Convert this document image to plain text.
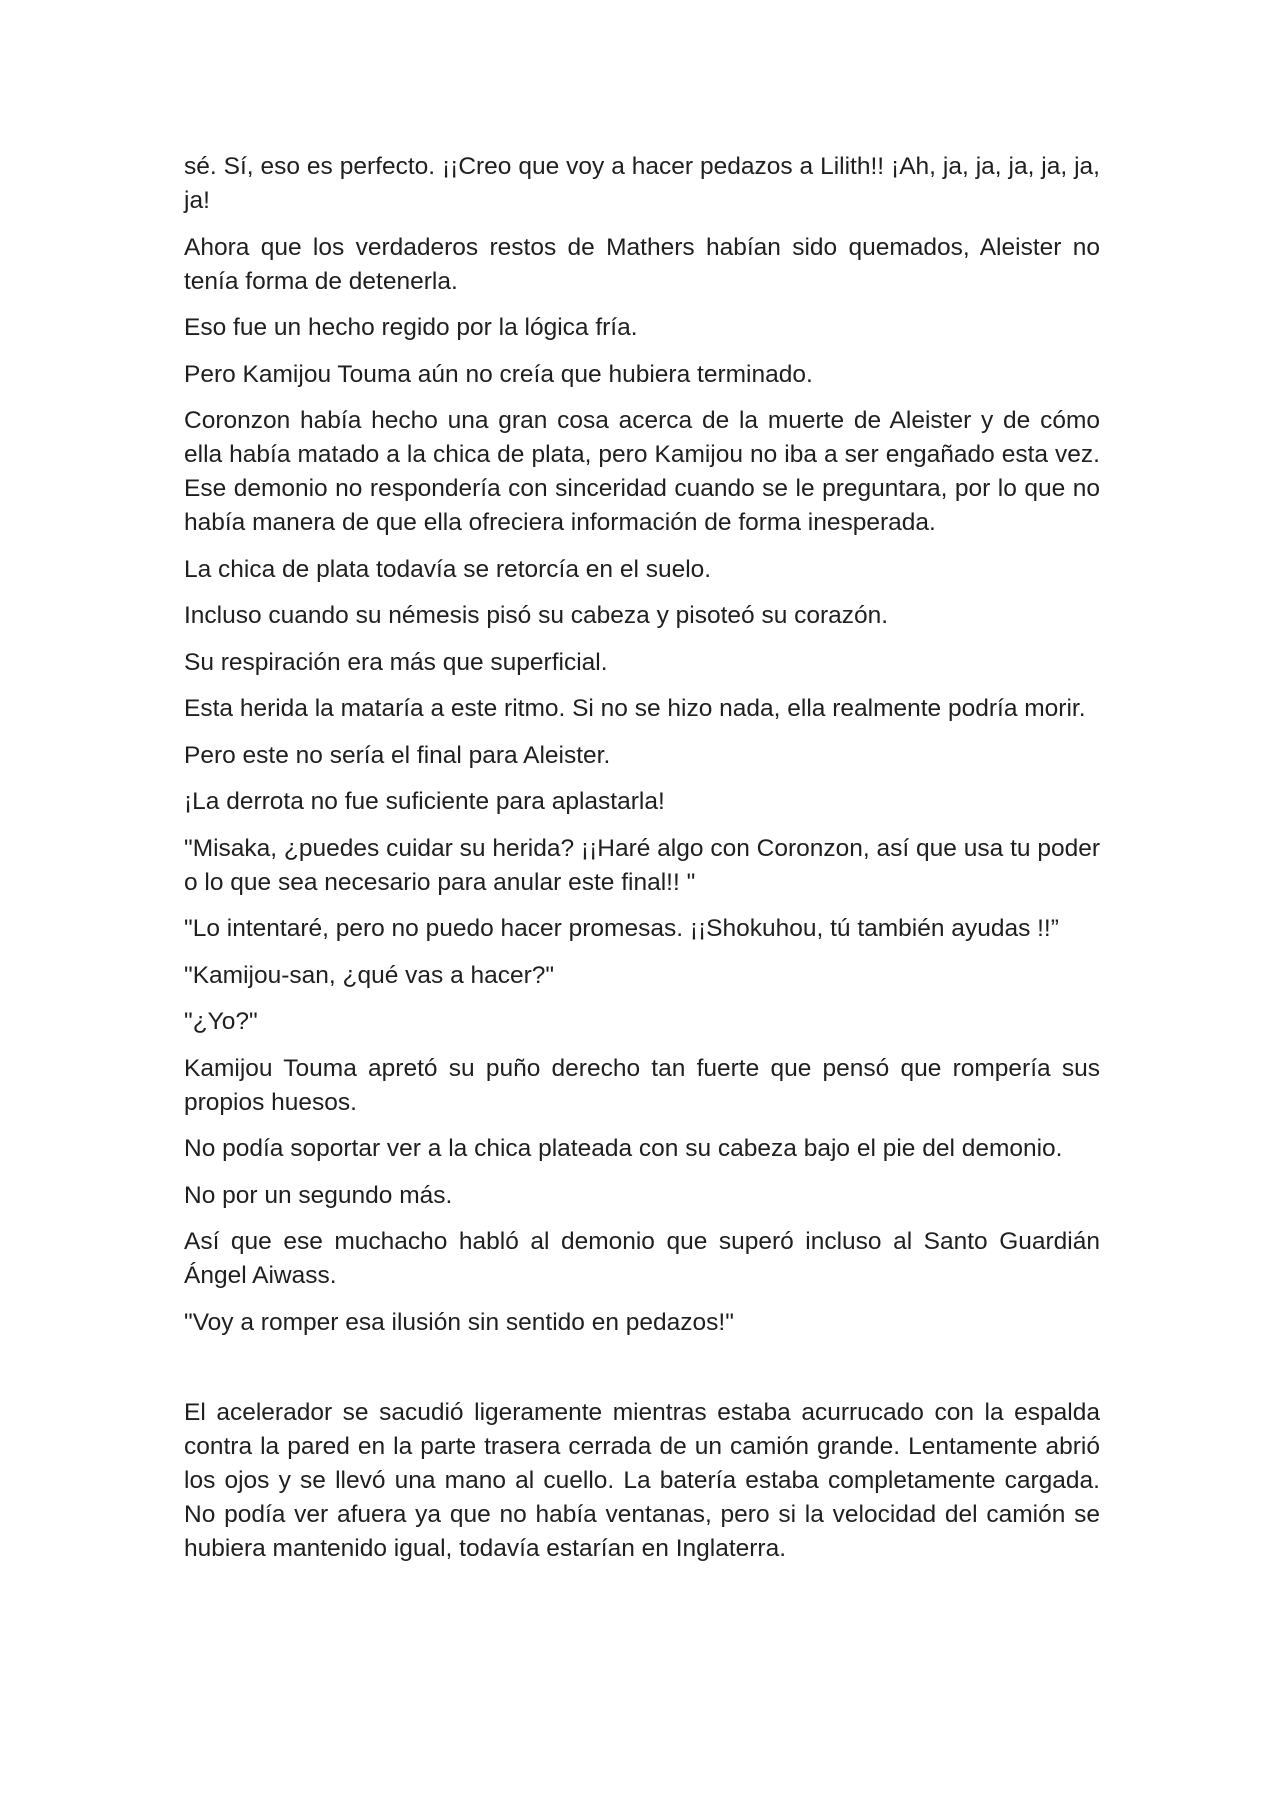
sé. Sí, eso es perfecto. ¡¡Creo que voy a hacer pedazos a Lilith!! ¡Ah, ja, ja, ja, ja, ja, ja!

Ahora que los verdaderos restos de Mathers habían sido quemados, Aleister no tenía forma de detenerla.

Eso fue un hecho regido por la lógica fría.

Pero Kamijou Touma aún no creía que hubiera terminado.

Coronzon había hecho una gran cosa acerca de la muerte de Aleister y de cómo ella había matado a la chica de plata, pero Kamijou no iba a ser engañado esta vez. Ese demonio no respondería con sinceridad cuando se le preguntara, por lo que no había manera de que ella ofreciera información de forma inesperada.

La chica de plata todavía se retorcía en el suelo.

Incluso cuando su némesis pisó su cabeza y pisoteó su corazón.

Su respiración era más que superficial.

Esta herida la mataría a este ritmo. Si no se hizo nada, ella realmente podría morir.

Pero este no sería el final para Aleister.

¡La derrota no fue suficiente para aplastarla!

"Misaka, ¿puedes cuidar su herida? ¡¡Haré algo con Coronzon, así que usa tu poder o lo que sea necesario para anular este final!! "

"Lo intentaré, pero no puedo hacer promesas. ¡¡Shokuhou, tú también ayudas !!”

"Kamijou-san, ¿qué vas a hacer?"

"¿Yo?"

Kamijou Touma apretó su puño derecho tan fuerte que pensó que rompería sus propios huesos.

No podía soportar ver a la chica plateada con su cabeza bajo el pie del demonio.

No por un segundo más.

Así que ese muchacho habló al demonio que superó incluso al Santo Guardián Ángel Aiwass.

"Voy a romper esa ilusión sin sentido en pedazos!"

El acelerador se sacudió ligeramente mientras estaba acurrucado con la espalda contra la pared en la parte trasera cerrada de un camión grande. Lentamente abrió los ojos y se llevó una mano al cuello. La batería estaba completamente cargada. No podía ver afuera ya que no había ventanas, pero si la velocidad del camión se hubiera mantenido igual, todavía estarían en Inglaterra.
